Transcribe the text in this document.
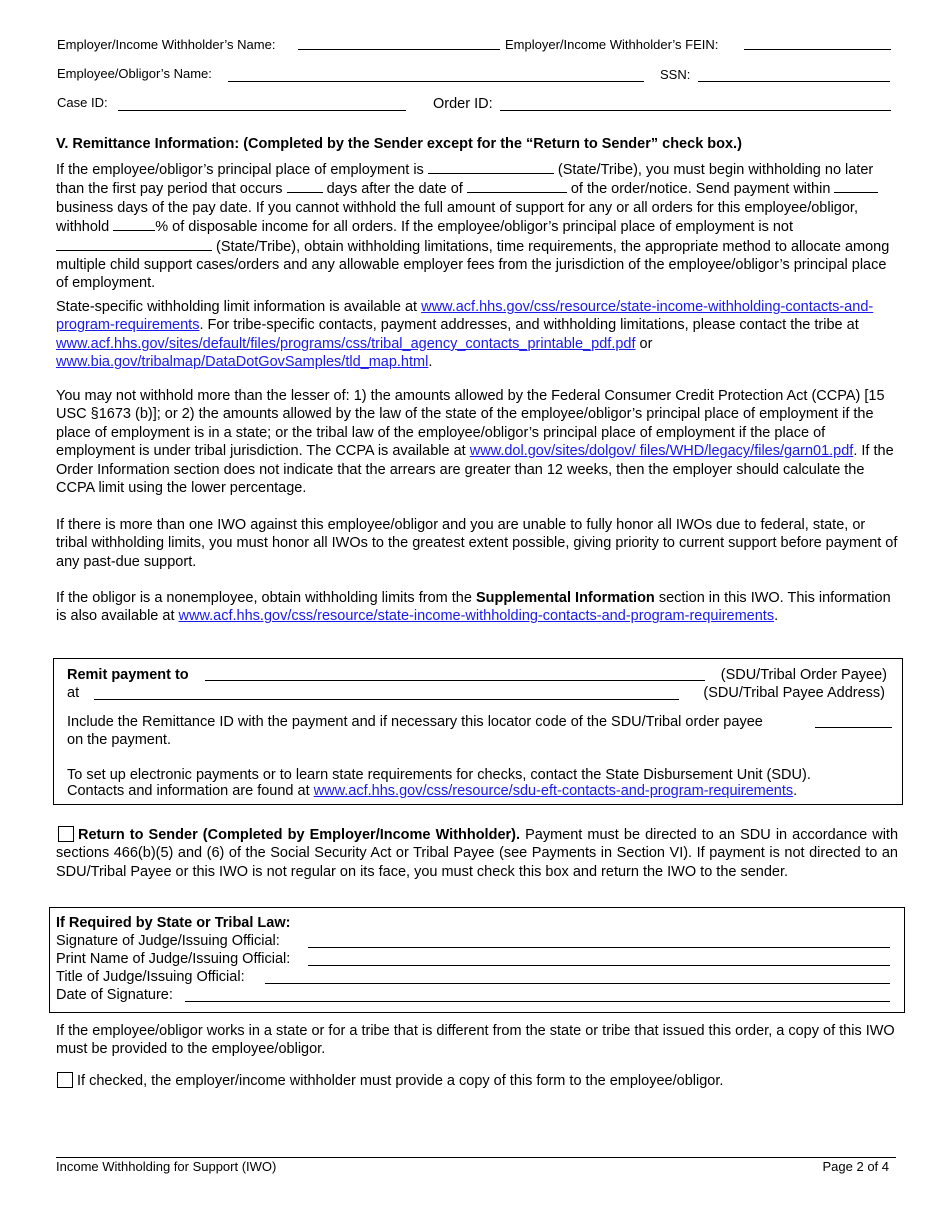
Employer/Income Withholder’s Name:	Employer/Income Withholder’s FEIN:
Employee/Obligor’s Name:	SSN:
Case ID:	Order ID:
V. Remittance Information: (Completed by the Sender except for the “Return to Sender” check box.)

If the employee/obligor’s principal place of employment is	(State/Tribe), you must begin withholding no later than the first pay period that occurs	days after the date of	of the order/notice. Send payment within  business days of the pay date. If you cannot withhold the full amount of support for any or all orders for this employee/obligor, withhold	% of disposable income for all orders. If the employee/obligor’s principal place of employment is not  (State/Tribe), obtain withholding limitations, time requirements, the appropriate method to allocate among multiple child support cases/orders and any allowable employer fees from the jurisdiction of the employee/obligor’s principal place of employment.

State-specific withholding limit information is available at www.acf.hhs.gov/css/resource/state-income-withholding-contacts-and-program-requirements. For tribe-specific contacts, payment addresses, and withholding limitations, please contact the tribe at www.acf.hhs.gov/sites/default/files/programs/css/tribal_agency_contacts_printable_pdf.pdf or www.bia.gov/tribalmap/DataDotGovSamples/tld_map.html.

You may not withhold more than the lesser of: 1) the amounts allowed by the Federal Consumer Credit Protection Act (CCPA) [15 USC §1673 (b)]; or 2) the amounts allowed by the law of the state of the employee/obligor’s principal place of employment if the place of employment is in a state; or the tribal law of the employee/obligor’s principal place of employment if the place of employment is under tribal jurisdiction. The CCPA is available at www.dol.gov/sites/dolgov/ files/WHD/legacy/files/garn01.pdf. If the Order Information section does not indicate that the arrears are greater than 12 weeks, then the employer should calculate the CCPA limit using the lower percentage.

If there is more than one IWO against this employee/obligor and you are unable to fully honor all IWOs due to federal, state, or tribal withholding limits, you must honor all IWOs to the greatest extent possible, giving priority to current support before payment of any past-due support.

If the obligor is a nonemployee, obtain withholding limits from the Supplemental Information section in this IWO. This information is also available at www.acf.hhs.gov/css/resource/state-income-withholding-contacts-and-program-requirements.

Remit payment to	(SDU/Tribal Order Payee)
at	(SDU/Tribal Payee Address)
Include the Remittance ID with the payment and if necessary this locator code of the SDU/Tribal order payee
on the payment.
To set up electronic payments or to learn state requirements for checks, contact the State Disbursement Unit (SDU).
Contacts and information are found at www.acf.hhs.gov/css/resource/sdu-eft-contacts-and-program-requirements.

Return to Sender (Completed by Employer/Income Withholder). Payment must be directed to an SDU in accordance with sections 466(b)(5) and (6) of the Social Security Act or Tribal Payee (see Payments in Section VI). If payment is not directed to an SDU/Tribal Payee or this IWO is not regular on its face, you must check this box and return the IWO to the sender.

If Required by State or Tribal Law:
Signature of Judge/Issuing Official:
Print Name of Judge/Issuing Official:
Title of Judge/Issuing Official:
Date of Signature:
If the employee/obligor works in a state or for a tribe that is different from the state or tribe that issued this order, a copy of this IWO must be provided to the employee/obligor.
If checked, the employer/income withholder must provide a copy of this form to the employee/obligor.
Income Withholding for Support (IWO)	Page 2 of 4
